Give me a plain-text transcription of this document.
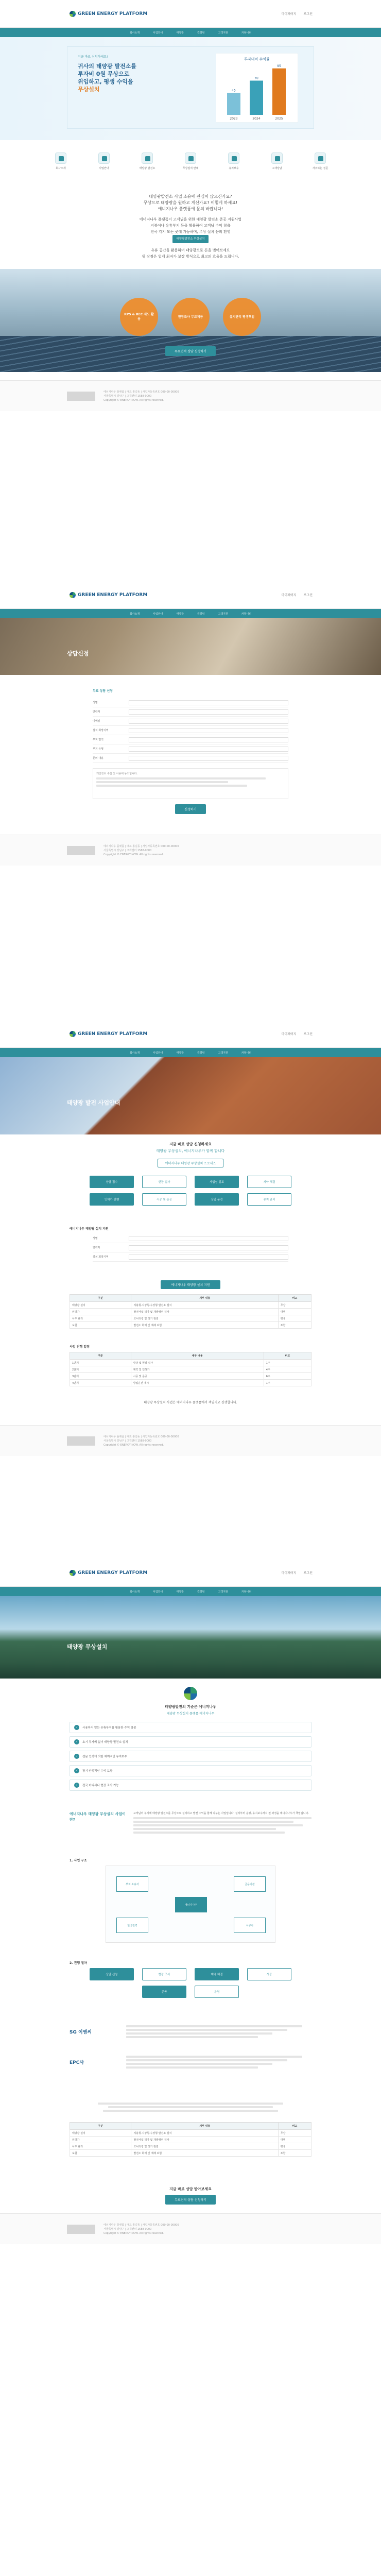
GREEN ENERGY PLATFORM	마이페이지	로그인
회사소개	사업안내	태양광	컨설팅	고객지원	커뮤니티
지금 바로 신청하세요!
귀사의 태양광 발전소를
투자비 0원 무상으로
위임하고, 평생 수익을
무상설치
투자대비 수익률
2023
45
2024
70
2025
95
회사소개	사업안내	태양광 발전소	무상설치 안내	유지보수	고객상담	자주하는 질문

태양광발전소 사업 소유에 관심이 많으신가요?

무상으로 태양광을 원하고 계신가요? 이렇게 하세요!

에너지나우 플랫폼에 문의 바랍니다!

에너지나우 플랫폼이 고객님을 위한 태양광 발전소 준공 지원사업

지붕이나 유휴부지 등을 활용하여 고객님 수익 창출

전국 각지 모든 곳에 가능하며, 무상 설치 문의 환영

태양광발전소 무상설치

유휴 공간을 활용하여 태양광으로 돈을 벌어보세요

위 장점은 업계 최저가 보장 방식으로 최고의 효율을 드립니다.

RPS & REC 제도 활용
현장조사 무료제공	유지관리 평생책임
무료견적 상담 신청하기
에너지나우 플랫폼 | 대표 홍길동 | 사업자등록번호 000-00-00000
서울특별시 강남구 | 고객센터 1588-0000
Copyright © ENERGY NOW. All rights reserved.
GREEN ENERGY PLATFORM	마이페이지	로그인
회사소개	사업안내	태양광	컨설팅	고객지원	커뮤니티
상담신청
무료 상담 신청
성명
연락처
이메일
설치 희망지역
부지 면적
부지 유형
문의 내용
개인정보 수집 및 이용에 동의합니다.
신청하기
에너지나우 플랫폼 | 대표 홍길동 | 사업자등록번호 000-00-00000
서울특별시 강남구 | 고객센터 1588-0000
Copyright © ENERGY NOW. All rights reserved.
GREEN ENERGY PLATFORM	마이페이지	로그인
회사소개	사업안내	태양광	컨설팅	고객지원	커뮤니티
태양광 발전 사업안내

지금 바로 상담 신청하세요

태양광 무상설치, 에너지나우가 함께 합니다

에너지나우 태양광 무상설치 프로세스

상담 접수	현장 실사	사업성 검토	계약 체결
인허가 진행	시공 및 준공	상업 운전	유지 관리
에너지나우 태양광 설치 지원
성명
연락처
설치 희망지역
에너지나우 태양광 설치 지원
구분	세부 내용	비고
태양광 설치	지붕형·지상형·수상형 발전소 설치	무상
인허가	발전사업 허가 및 개발행위 허가	대행
사후 관리	모니터링 및 정기 점검	평생
보험	발전소 화재 및 재해 보험	포함
사업 진행 일정
구분	세부 내용	비고
1단계	상담 및 현장 실사	1주
2단계	계약 및 인허가	4주
3단계	시공 및 준공	6주
4단계	상업운전 개시	1주
태양광 무상설치 사업은 에너지나우 플랫폼에서 책임지고 진행합니다.
에너지나우 플랫폼 | 대표 홍길동 | 사업자등록번호 000-00-00000
서울특별시 강남구 | 고객센터 1588-0000
Copyright © ENERGY NOW. All rights reserved.
GREEN ENERGY PLATFORM	마이페이지	로그인
회사소개	사업안내	태양광	컨설팅	고객지원	커뮤니티
태양광 무상설치

태양광발전의 기준은 에너지나우

태양광 무상설치 플랫폼 에너지나우

✓	사용하지 않는 유휴부지를 활용한 수익 창출
✓	초기 투자비 없이 태양광 발전소 설치
✓	전문 인력에 의한 체계적인 유지보수
✓	장기 안정적인 수익 보장
✓	전국 어디서나 현장 조사 가능
에너지나우 태양광 무상설치 사업이란?
고객님의 부지에 태양광 발전소를 무상으로 설치하고 발전 수익을 함께 나누는 사업입니다. 설치부터 운영, 유지보수까지 전 과정을 에너지나우가 책임집니다.
1. 사업 구조
부지 소유자
에너지나우
금융기관
한국전력	시공사
2. 진행 절차
상담 신청	현장 조사	계약 체결	시공
준공	운영
SG 이앤씨
EPC사
구분	세부 내용	비고
태양광 설치	지붕형·지상형·수상형 발전소 설치	무상
인허가	발전사업 허가 및 개발행위 허가	대행
사후 관리	모니터링 및 정기 점검	평생
보험	발전소 화재 및 재해 보험	포함
지금 바로 상담 받아보세요
무료견적 상담 신청하기
에너지나우 플랫폼 | 대표 홍길동 | 사업자등록번호 000-00-00000
서울특별시 강남구 | 고객센터 1588-0000
Copyright © ENERGY NOW. All rights reserved.
